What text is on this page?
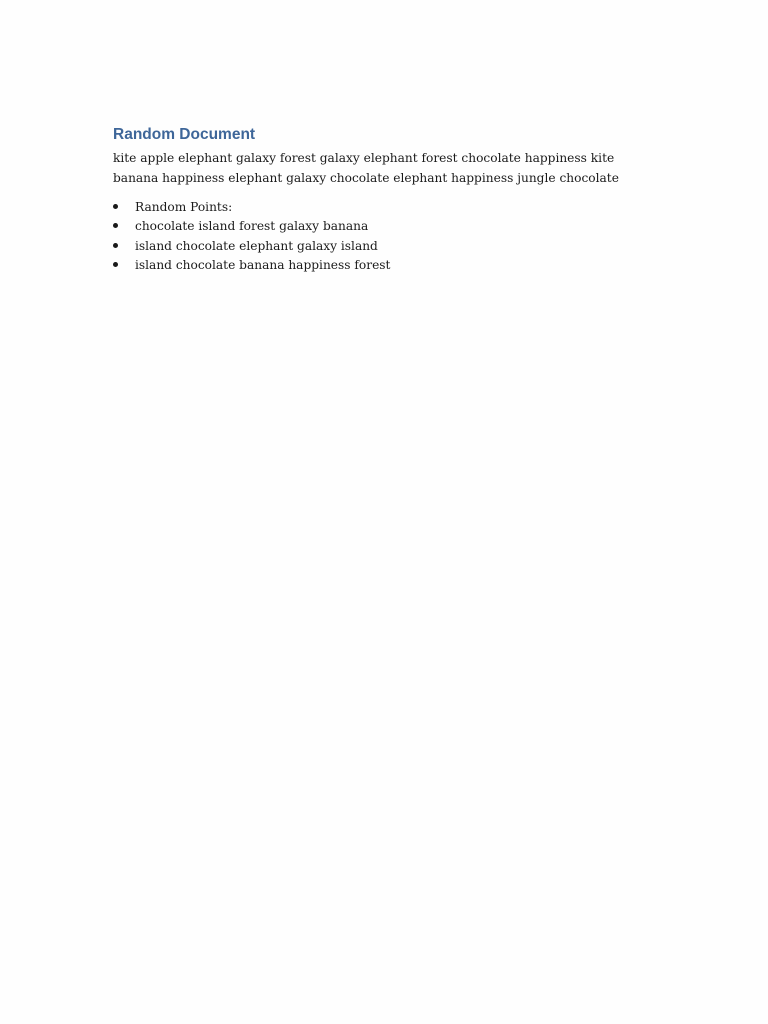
Random Document

kite apple elephant galaxy forest galaxy elephant forest chocolate happiness kite banana happiness elephant galaxy chocolate elephant happiness jungle chocolate

Random Points:
chocolate island forest galaxy banana
island chocolate elephant galaxy island
island chocolate banana happiness forest
